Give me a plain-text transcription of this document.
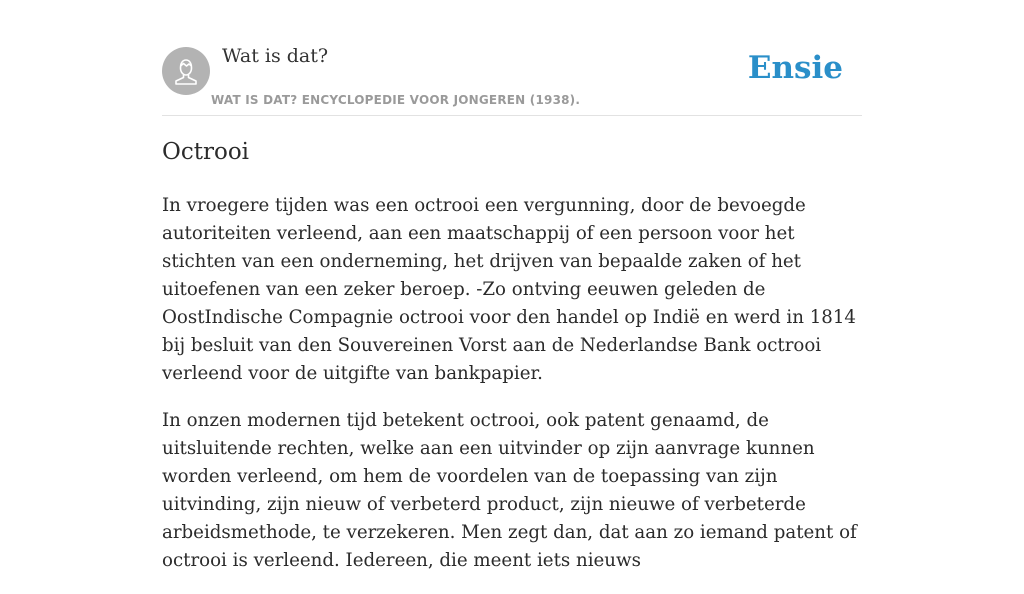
Wat is dat?
WAT IS DAT? ENCYCLOPEDIE VOOR JONGEREN (1938).
Ensie
Octrooi

In vroegere tijden was een octrooi een vergunning, door de bevoegde autoriteiten verleend, aan een maatschappij of een persoon voor het stichten van een onderneming, het drijven van bepaalde zaken of het uitoefenen van een zeker beroep. -Zo ontving eeuwen geleden de OostIndische Compagnie octrooi voor den handel op Indië en werd in 1814 bij besluit van den Souvereinen Vorst aan de Nederlandse Bank octrooi verleend voor de uitgifte van bankpapier.

In onzen modernen tijd betekent octrooi, ook patent genaamd, de uitsluitende rechten, welke aan een uitvinder op zijn aanvrage kunnen worden verleend, om hem de voordelen van de toepassing van zijn uitvinding, zijn nieuw of verbeterd product, zijn nieuwe of verbeterde arbeidsmethode, te verzekeren. Men zegt dan, dat aan zo iemand patent of octrooi is verleend. Iedereen, die meent iets nieuws
